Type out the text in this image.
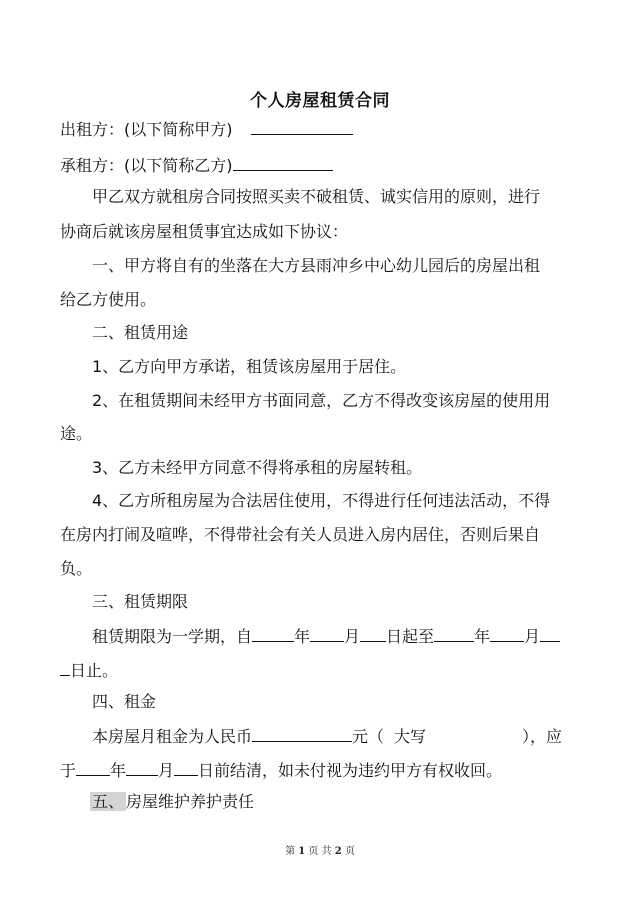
个人房屋租赁合同
出租方：(以下简称甲方)
承租方：(以下简称乙方)
甲乙双方就租房合同按照买卖不破租赁、诚实信用的原则，进行
协商后就该房屋租赁事宜达成如下协议：
一、甲方将自有的坐落在大方县雨冲乡中心幼儿园后的房屋出租
给乙方使用。
二、租赁用途
1、乙方向甲方承诺，租赁该房屋用于居住。
2、在租赁期间未经甲方书面同意，乙方不得改变该房屋的使用用
途。
3、乙方未经甲方同意不得将承租的房屋转租。
4、乙方所租房屋为合法居住使用，不得进行任何违法活动，不得
在房内打闹及喧哗，不得带社会有关人员进入房内居住，否则后果自
负。
三、租赁期限
租赁期限为一学期，自	年 月 日起至	年 月
日止。
四、租金
本房屋月租金为人民币	元（ 大写	），应
于 年 月 日前结清，如未付视为违约甲方有权收回。
五、 房屋维护养护责任
第 1 页 共 2 页
